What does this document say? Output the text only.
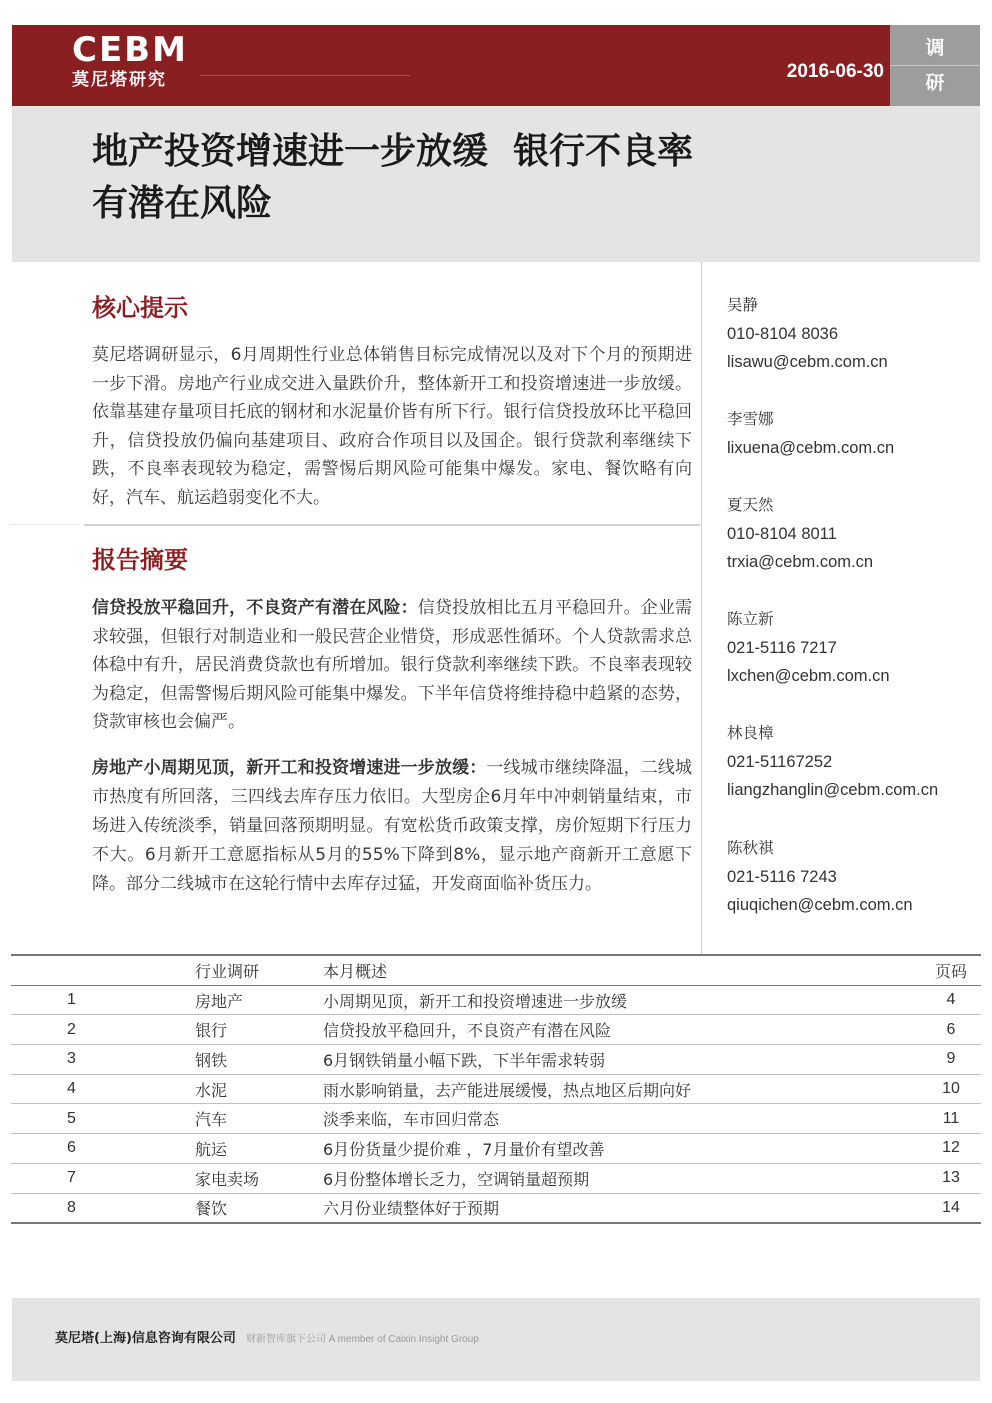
CEBM
莫尼塔研究	2016-06-30
调
研
地产投资增速进一步放缓  银行不良率
有潜在风险
核心提示
莫尼塔调研显示，6月周期性行业总体销售目标完成情况以及对下个月的预期进一步下滑。房地产行业成交进入量跌价升，整体新开工和投资增速进一步放缓。依靠基建存量项目托底的钢材和水泥量价皆有所下行。银行信贷投放环比平稳回升，信贷投放仍偏向基建项目、政府合作项目以及国企。银行贷款利率继续下跌，不良率表现较为稳定，需警惕后期风险可能集中爆发。家电、餐饮略有向好，汽车、航运趋弱变化不大。
报告摘要
信贷投放平稳回升，不良资产有潜在风险：信贷投放相比五月平稳回升。企业需求较强，但银行对制造业和一般民营企业惜贷，形成恶性循环。个人贷款需求总体稳中有升，居民消费贷款也有所增加。银行贷款利率继续下跌。不良率表现较为稳定，但需警惕后期风险可能集中爆发。下半年信贷将维持稳中趋紧的态势，贷款审核也会偏严。
房地产小周期见顶，新开工和投资增速进一步放缓：一线城市继续降温，二线城市热度有所回落，三四线去库存压力依旧。大型房企6月年中冲刺销量结束，市场进入传统淡季，销量回落预期明显。有宽松货币政策支撑，房价短期下行压力不大。6月新开工意愿指标从5月的55%下降到8%，显示地产商新开工意愿下降。部分二线城市在这轮行情中去库存过猛，开发商面临补货压力。
吴静
010-8104 8036
lisawu@cebm.com.cn
李雪娜
lixuena@cebm.com.cn
夏天然
010-8104 8011
trxia@cebm.com.cn
陈立新
021-5116 7217
lxchen@cebm.com.cn
林良樟
021-51167252
liangzhanglin@cebm.com.cn
陈秋祺
021-5116 7243
qiuqichen@cebm.com.cn
	行业调研	本月概述	页码
1	房地产	小周期见顶，新开工和投资增速进一步放缓	4
2	银行	信贷投放平稳回升，不良资产有潜在风险	6
3	钢铁	6月钢铁销量小幅下跌，下半年需求转弱	9
4	水泥	雨水影响销量，去产能进展缓慢，热点地区后期向好	10
5	汽车	淡季来临，车市回归常态	11
6	航运	6月份货量少提价难 ，7月量价有望改善	12
7	家电卖场	6月份整体增长乏力，空调销量超预期	13
8	餐饮	六月份业绩整体好于预期	14
莫尼塔(上海)信息咨询有限公司 财新智库旗下公司 A member of Caixin Insight Group
